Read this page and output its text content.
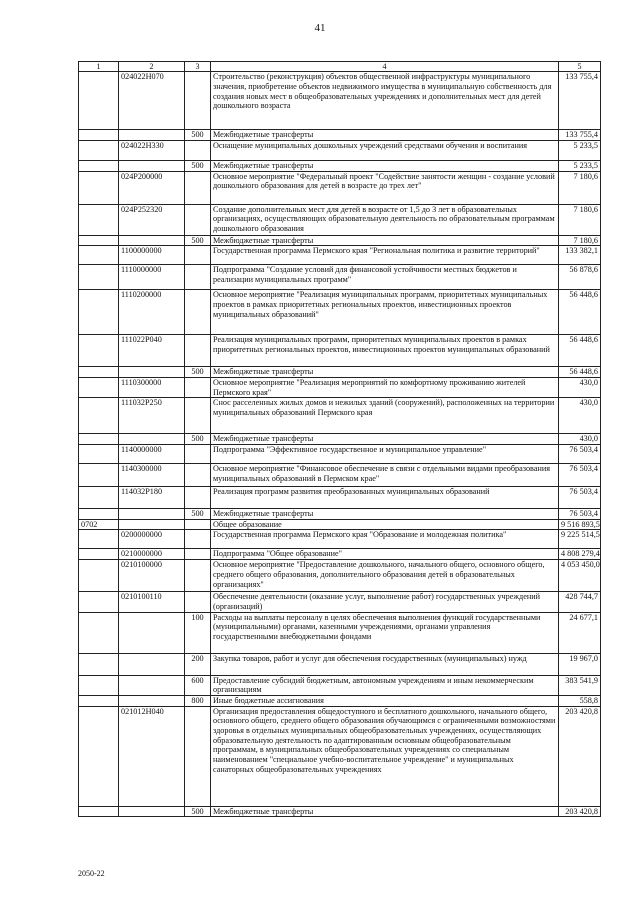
41
1	2	3	4	5
	024022Н070		Строительство (реконструкция) объектов общественной инфраструктуры муниципального значения, приобретение объектов недвижимого имущества в муниципальную собственность для создания новых мест в общеобразовательных учреждениях и дополнительных мест для детей дошкольного возраста	133 755,4
		500	Межбюджетные трансферты	133 755,4
	024022Н330		Оснащение муниципальных дошкольных учреждений средствами обучения и воспитания	5 233,5
		500	Межбюджетные трансферты	5 233,5
	024Р200000		Основное мероприятие "Федеральный проект "Содействие занятости женщин - создание условий дошкольного образования для детей в возрасте до трех лет"	7 180,6
	024Р252320		Создание дополнительных мест для детей в возрасте от 1,5 до 3 лет в образовательных организациях, осуществляющих образовательную деятельность по образовательным программам дошкольного образования	7 180,6
		500	Межбюджетные трансферты	7 180,6
	1100000000		Государственная программа Пермского края "Региональная политика и развитие территорий"	133 382,1
	1110000000		Подпрограмма "Создание условий для финансовой устойчивости местных бюджетов и реализации муниципальных программ"	56 878,6
	1110200000		Основное мероприятие "Реализация муниципальных программ, приоритетных муниципальных проектов в рамках приоритетных региональных проектов, инвестиционных проектов муниципальных образований"	56 448,6
	111022Р040		Реализация муниципальных программ, приоритетных муниципальных проектов в рамках приоритетных региональных проектов, инвестиционных проектов муниципальных образований	56 448,6
		500	Межбюджетные трансферты	56 448,6
	1110300000		Основное мероприятие "Реализация мероприятий по комфортному проживанию жителей Пермского края"	430,0
	111032Р250		Снос расселенных жилых домов и нежилых зданий (сооружений), расположенных на территории муниципальных образований Пермского края	430,0
		500	Межбюджетные трансферты	430,0
	1140000000		Подпрограмма "Эффективное государственное и муниципальное управление"	76 503,4
	1140300000		Основное мероприятие "Финансовое обеспечение в связи с отдельными видами преобразования муниципальных образований в Пермском крае"	76 503,4
	114032Р180		Реализация программ развития преобразованных муниципальных образований	76 503,4
		500	Межбюджетные трансферты	76 503,4
0702			Общее образование	9 516 893,5
	0200000000		Государственная программа Пермского края "Образование и молодежная политика"	9 225 514,5
	0210000000		Подпрограмма "Общее образование"	4 808 279,4
	0210100000		Основное мероприятие "Предоставление дошкольного, начального общего, основного общего, среднего общего образования, дополнительного образования детей в образовательных организациях"	4 053 450,0
	0210100110		Обеспечение деятельности (оказание услуг, выполнение работ) государственных учреждений (организаций)	428 744,7
		100	Расходы на выплаты персоналу в целях обеспечения выполнения функций государственными (муниципальными) органами, казенными учреждениями, органами управления государственными внебюджетными фондами	24 677,1
		200	Закупка товаров, работ и услуг для обеспечения государственных (муниципальных) нужд	19 967,0
		600	Предоставление субсидий бюджетным, автономным учреждениям и иным некоммерческим организациям	383 541,9
		800	Иные бюджетные ассигнования	558,8
	021012Н040		Организация предоставления общедоступного и бесплатного дошкольного, начального общего, основного общего, среднего общего образования обучающимся с ограниченными возможностями здоровья в отдельных муниципальных общеобразовательных учреждениях, осуществляющих образовательную деятельность по адаптированным основным общеобразовательным программам, в муниципальных общеобразовательных учреждениях со специальным наименованием "специальное учебно-воспитательное учреждение" и муниципальных санаторных общеобразовательных учреждениях	203 420,8
		500	Межбюджетные трансферты	203 420,8
2050-22
